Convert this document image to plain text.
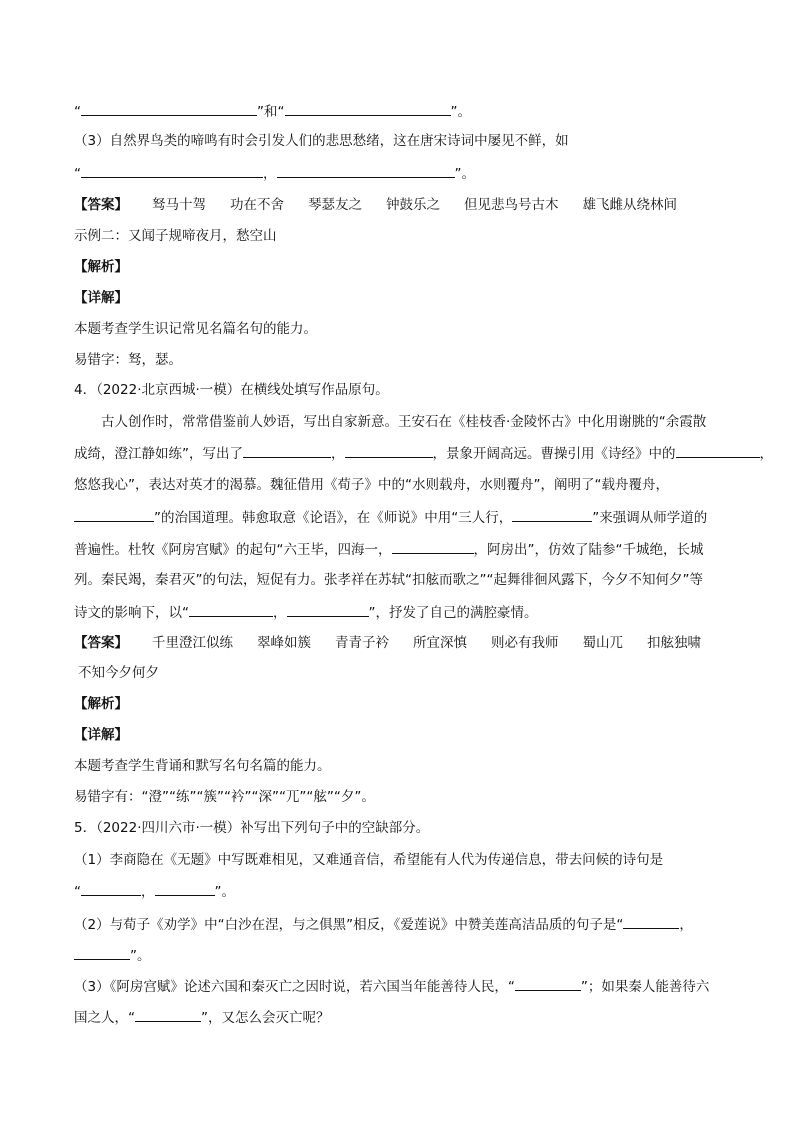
“	”和“	”。
（3）自然界鸟类的啼鸣有时会引发人们的悲思愁绪，这在唐宋诗词中屡见不鲜，如
“	，	”。
【答案】 驽马十驾 功在不舍 琴瑟友之 钟鼓乐之 但见悲鸟号古木 雄飞雌从绕林间
示例二：又闻子规啼夜月，愁空山
【解析】
【详解】
本题考查学生识记常见名篇名句的能力。
易错字：驽，瑟。
4．（2022·北京西城·一模）在横线处填写作品原句。
古人创作时，常常借鉴前人妙语，写出自家新意。王安石在《桂枝香·金陵怀古》中化用谢朓的“余霞散
成绮，澄江静如练”，写出了	，	，景象开阔高远。曹操引用《诗经》中的	，
悠悠我心”，表达对英才的渴慕。魏征借用《荀子》中的“水则载舟，水则覆舟”，阐明了“载舟覆舟，
”的治国道理。韩愈取意《论语》，在《师说》中用“三人行，	”来强调从师学道的
普遍性。杜牧《阿房宫赋》的起句“六王毕，四海一，	，阿房出”，仿效了陆参“千城绝，长城
列。秦民竭，秦君灭”的句法，短促有力。张孝祥在苏轼“扣舷而歌之”“起舞徘徊风露下，今夕不知何夕”等
诗文的影响下，以“	，	”，抒发了自己的满腔豪情。
【答案】 千里澄江似练 翠峰如簇 青青子衿 所宜深慎 则必有我师 蜀山兀 扣舷独啸
不知今夕何夕
【解析】
【详解】
本题考查学生背诵和默写名句名篇的能力。
易错字有：“澄”“练”“簇”“衿”“深”“兀”“舷”“夕”。
5．（2022·四川六市·一模）补写出下列句子中的空缺部分。
（1）李商隐在《无题》中写既难相见，又难通音信，希望能有人代为传递信息，带去问候的诗句是
“	，	”。
（2）与荀子《劝学》中“白沙在涅，与之俱黑”相反，《爱莲说》中赞美莲高洁品质的句子是“	，
”。
（3）《阿房宫赋》论述六国和秦灭亡之因时说，若六国当年能善待人民，“	”；如果秦人能善待六
国之人，“	”，又怎么会灭亡呢？
